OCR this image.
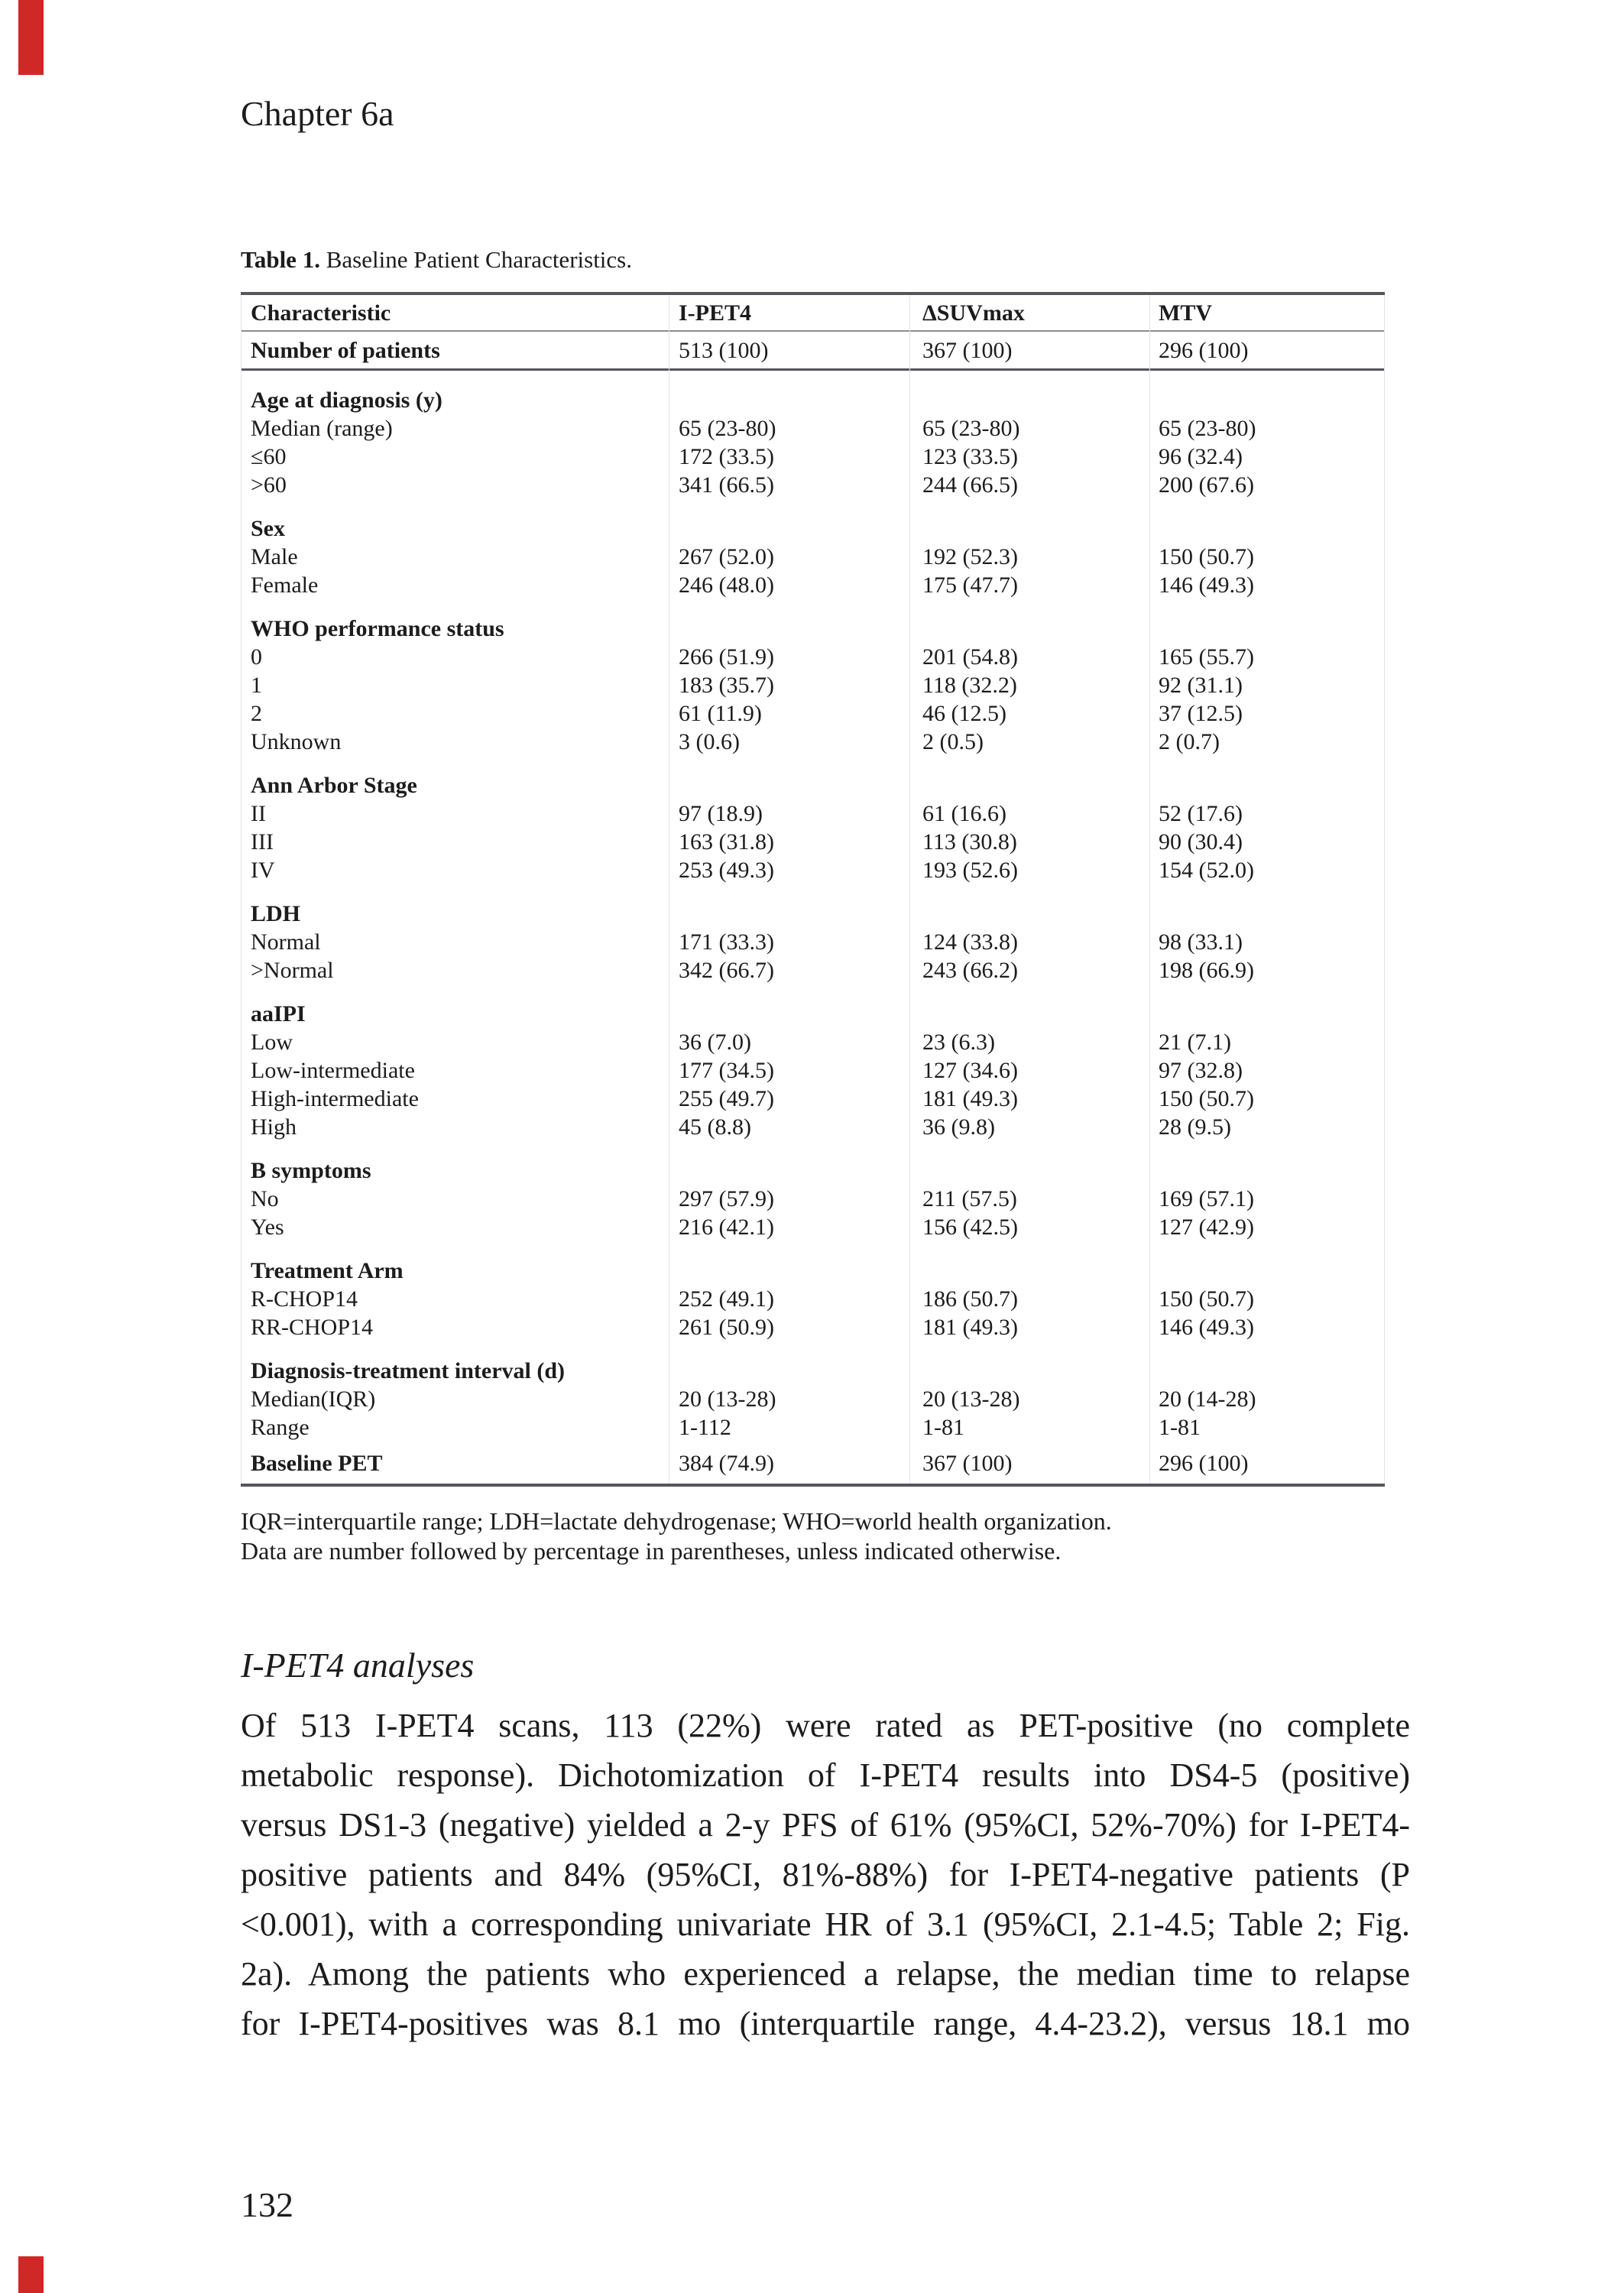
Chapter 6a

Table 1. Baseline Patient Characteristics.

Characteristic	I-PET4	ΔSUVmax	MTV
Number of patients	513 (100)	367 (100)	296 (100)
Age at diagnosis (y)
Median (range)	65 (23-80)	65 (23-80)	65 (23-80)
≤60	172 (33.5)	123 (33.5)	96 (32.4)
>60	341 (66.5)	244 (66.5)	200 (67.6)
Sex
Male	267 (52.0)	192 (52.3)	150 (50.7)
Female	246 (48.0)	175 (47.7)	146 (49.3)
WHO performance status
0	266 (51.9)	201 (54.8)	165 (55.7)
1	183 (35.7)	118 (32.2)	92 (31.1)
2	61 (11.9)	46 (12.5)	37 (12.5)
Unknown	3 (0.6)	2 (0.5)	2 (0.7)
Ann Arbor Stage
II	97 (18.9)	61 (16.6)	52 (17.6)
III	163 (31.8)	113 (30.8)	90 (30.4)
IV	253 (49.3)	193 (52.6)	154 (52.0)
LDH
Normal	171 (33.3)	124 (33.8)	98 (33.1)
>Normal	342 (66.7)	243 (66.2)	198 (66.9)
aaIPI
Low	36 (7.0)	23 (6.3)	21 (7.1)
Low-intermediate	177 (34.5)	127 (34.6)	97 (32.8)
High-intermediate	255 (49.7)	181 (49.3)	150 (50.7)
High	45 (8.8)	36 (9.8)	28 (9.5)
B symptoms
No	297 (57.9)	211 (57.5)	169 (57.1)
Yes	216 (42.1)	156 (42.5)	127 (42.9)
Treatment Arm
R-CHOP14	252 (49.1)	186 (50.7)	150 (50.7)
RR-CHOP14	261 (50.9)	181 (49.3)	146 (49.3)
Diagnosis-treatment interval (d)
Median(IQR)	20 (13-28)	20 (13-28)	20 (14-28)
Range	1-112	1-81	1-81
Baseline PET	384 (74.9)	367 (100)	296 (100)

IQR=interquartile range; LDH=lactate dehydrogenase; WHO=world health organization.

Data are number followed by percentage in parentheses, unless indicated otherwise.

I-PET4 analyses
Of 513 I-PET4 scans, 113 (22%) were rated as PET-positive (no complete
metabolic response). Dichotomization of I-PET4 results into DS4-5 (positive)
versus DS1-3 (negative) yielded a 2-y PFS of 61% (95%CI, 52%-70%) for I-PET4-
positive patients and 84% (95%CI, 81%-88%) for I-PET4-negative patients (P
<0.001), with a corresponding univariate HR of 3.1 (95%CI, 2.1-4.5; Table 2; Fig.
2a). Among the patients who experienced a relapse, the median time to relapse
for I-PET4-positives was 8.1 mo (interquartile range, 4.4-23.2), versus 18.1 mo
132
